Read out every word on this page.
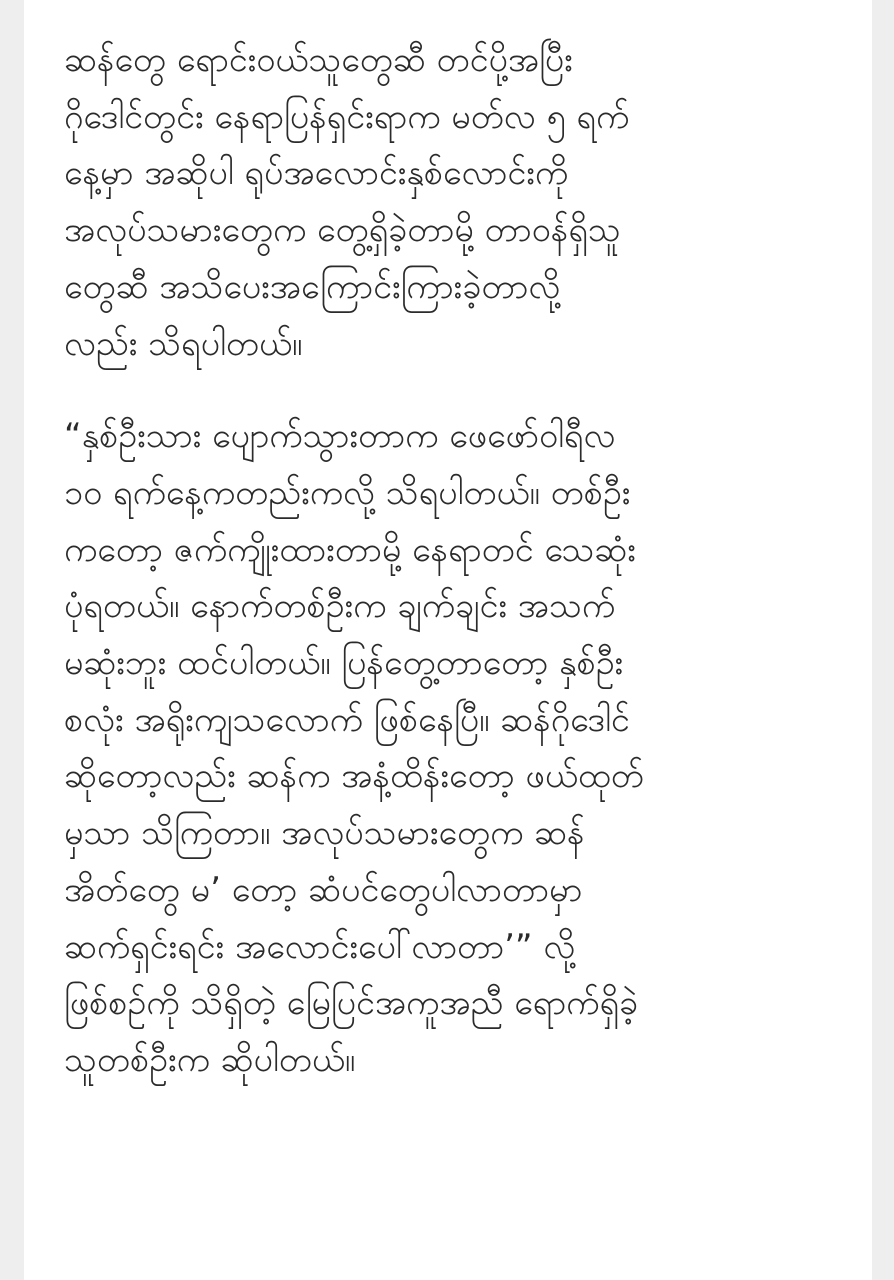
ဆန်တွေ ရောင်းဝယ်သူတွေဆီ တင်ပို့အပြီး
ဂိုဒေါင်တွင်း နေရာပြန်ရှင်းရာက မတ်လ ၅ ရက်
နေ့မှာ အဆိုပါ ရုပ်အလောင်းနှစ်လောင်းကို
အလုပ်သမားတွေက တွေ့ရှိခဲ့တာမို့ တာဝန်ရှိသူ
တွေဆီ အသိပေးအကြောင်းကြားခဲ့တာလို့
လည်း သိရပါတယ်။
“နှစ်ဦးသား ပျောက်သွားတာက ဖေဖော်ဝါရီလ
၁၀ ရက်နေ့ကတည်းကလို့ သိရပါတယ်။ တစ်ဦး
ကတော့ ဇက်ကျိုးထားတာမို့ နေရာတင် သေဆုံး
ပုံရတယ်။ နောက်တစ်ဦးက ချက်ချင်း အသက်
မဆုံးဘူး ထင်ပါတယ်။ ပြန်တွေ့တာတော့ နှစ်ဦး
စလုံး အရိုးကျသလောက် ဖြစ်နေပြီ။ ဆန်ဂိုဒေါင်
ဆိုတော့လည်း ဆန်က အနံ့ထိန်းတော့ ဖယ်ထုတ်
မှသာ သိကြတာ။ အလုပ်သမားတွေက ဆန်
အိတ်တွေ မ’ တော့ ဆံပင်တွေပါလာတာမှာ
ဆက်ရှင်းရင်း အလောင်းပေါ်လာတာ’” လို့
ဖြစ်စဉ်ကို သိရှိတဲ့ မြေပြင်အကူအညီ ရောက်ရှိခဲ့
သူတစ်ဦးက ဆိုပါတယ်။
